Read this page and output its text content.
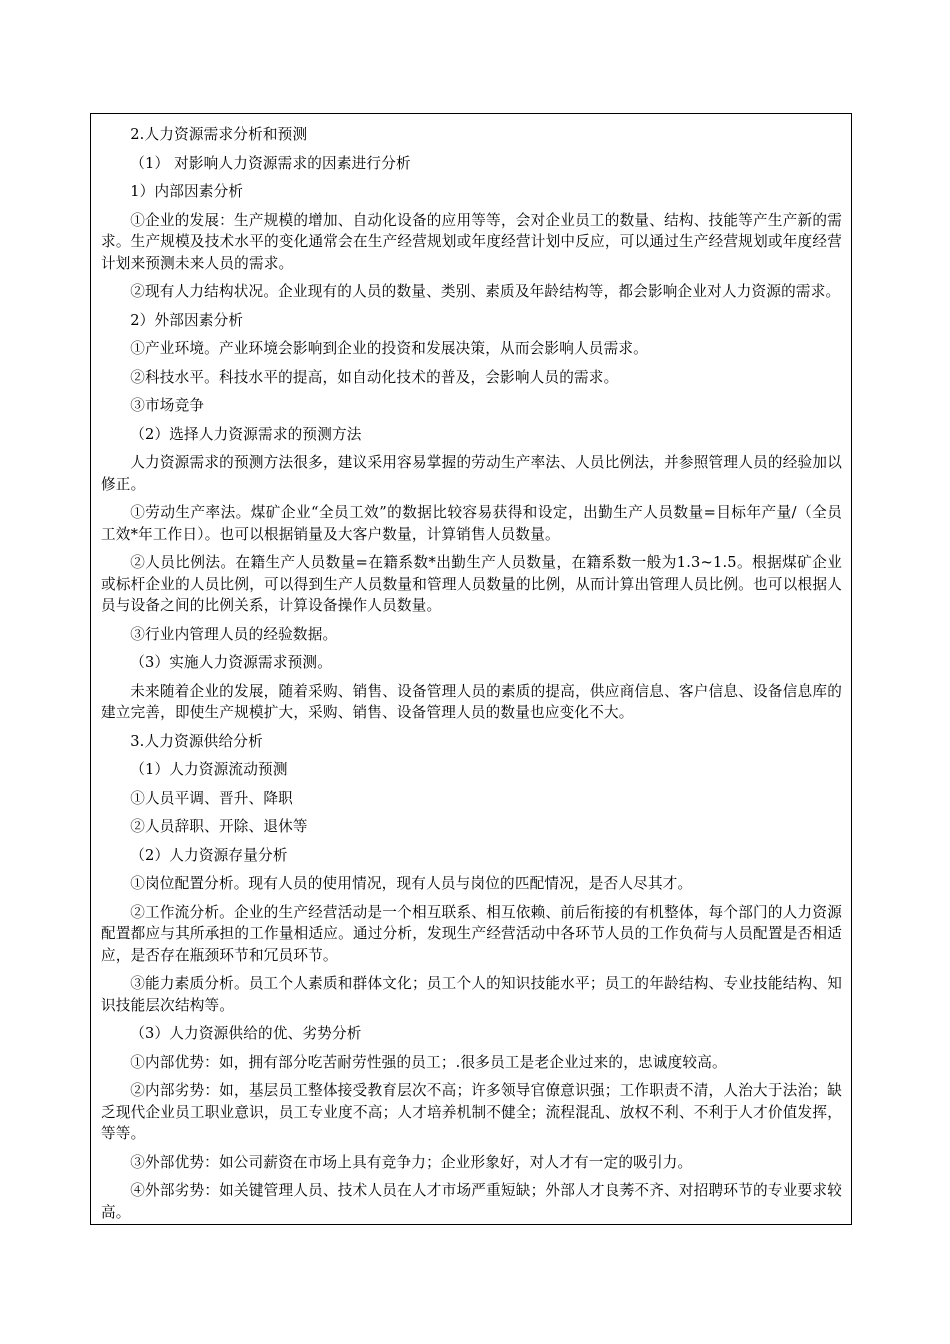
2.人力资源需求分析和预测

（1） 对影响人力资源需求的因素进行分析

1）内部因素分析

①企业的发展：生产规模的增加、自动化设备的应用等等，会对企业员工的数量、结构、技能等产生产新的需求。生产规模及技术水平的变化通常会在生产经营规划或年度经营计划中反应，可以通过生产经营规划或年度经营计划来预测未来人员的需求。

②现有人力结构状况。企业现有的人员的数量、类别、素质及年龄结构等，都会影响企业对人力资源的需求。

2）外部因素分析

①产业环境。产业环境会影响到企业的投资和发展决策，从而会影响人员需求。

②科技水平。科技水平的提高，如自动化技术的普及，会影响人员的需求。

③市场竞争

（2）选择人力资源需求的预测方法

人力资源需求的预测方法很多，建议采用容易掌握的劳动生产率法、人员比例法，并参照管理人员的经验加以修正。

①劳动生产率法。煤矿企业“全员工效”的数据比较容易获得和设定，出勤生产人员数量=目标年产量/（全员工效*年工作日）。也可以根据销量及大客户数量，计算销售人员数量。

②人员比例法。在籍生产人员数量=在籍系数*出勤生产人员数量，在籍系数一般为1.3~1.5。根据煤矿企业或标杆企业的人员比例，可以得到生产人员数量和管理人员数量的比例，从而计算出管理人员比例。也可以根据人员与设备之间的比例关系，计算设备操作人员数量。

③行业内管理人员的经验数据。

（3）实施人力资源需求预测。

未来随着企业的发展，随着采购、销售、设备管理人员的素质的提高，供应商信息、客户信息、设备信息库的建立完善，即使生产规模扩大，采购、销售、设备管理人员的数量也应变化不大。

3.人力资源供给分析

（1）人力资源流动预测

①人员平调、晋升、降职

②人员辞职、开除、退休等

（2）人力资源存量分析

①岗位配置分析。现有人员的使用情况，现有人员与岗位的匹配情况，是否人尽其才。

②工作流分析。企业的生产经营活动是一个相互联系、相互依赖、前后衔接的有机整体，每个部门的人力资源配置都应与其所承担的工作量相适应。通过分析，发现生产经营活动中各环节人员的工作负荷与人员配置是否相适应，是否存在瓶颈环节和冗员环节。

③能力素质分析。员工个人素质和群体文化；员工个人的知识技能水平；员工的年龄结构、专业技能结构、知识技能层次结构等。

（3）人力资源供给的优、劣势分析

①内部优势：如，拥有部分吃苦耐劳性强的员工；.很多员工是老企业过来的，忠诚度较高。

②内部劣势：如，基层员工整体接受教育层次不高；许多领导官僚意识强；工作职责不清，人治大于法治；缺乏现代企业员工职业意识，员工专业度不高；人才培养机制不健全；流程混乱、放权不利、不利于人才价值发挥，等等。

③外部优势：如公司薪资在市场上具有竞争力；企业形象好，对人才有一定的吸引力。

④外部劣势：如关键管理人员、技术人员在人才市场严重短缺；外部人才良莠不齐、对招聘环节的专业要求较高。
